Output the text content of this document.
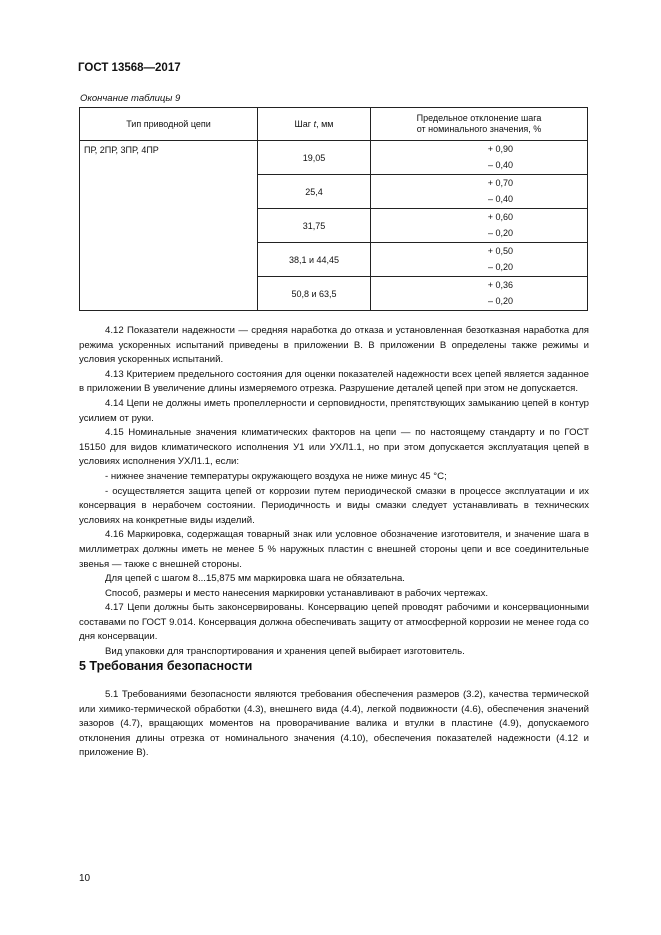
ГОСТ 13568—2017
Окончание таблицы 9
Тип приводной цепи	Шаг t, мм	Предельное отклонение шага
от номинального значения, %
ПР, 2ПР, 3ПР, 4ПР	19,05	+ 0,90
– 0,40
	25,4	+ 0,70
– 0,40
	31,75	+ 0,60
– 0,20
	38,1 и 44,45	+ 0,50
– 0,20
	50,8 и 63,5	+ 0,36
– 0,20

4.12 Показатели надежности — средняя наработка до отказа и установленная безотказная наработка для режима ускоренных испытаний приведены в приложении В. В приложении В определены также режимы и условия ускоренных испытаний.

4.13 Критерием предельного состояния для оценки показателей надежности всех цепей является заданное в приложении В увеличение длины измеряемого отрезка. Разрушение деталей цепей при этом не допускается.

4.14 Цепи не должны иметь пропеллерности и серповидности, препятствующих замыканию цепей в контур усилием от руки.

4.15 Номинальные значения климатических факторов на цепи — по настоящему стандарту и по ГОСТ 15150 для видов климатического исполнения У1 или УХЛ1.1, но при этом допускается эксплуатация цепей в условиях исполнения УХЛ1.1, если:

- нижнее значение температуры окружающего воздуха не ниже минус 45 °С;

- осуществляется защита цепей от коррозии путем периодической смазки в процессе эксплуатации и их консервация в нерабочем состоянии. Периодичность и виды смазки следует устанавливать в технических условиях на конкретные виды изделий.

4.16 Маркировка, содержащая товарный знак или условное обозначение изготовителя, и значение шага в миллиметрах должны иметь не менее 5 % наружных пластин с внешней стороны цепи и все соединительные звенья — также с внешней стороны.

Для цепей с шагом 8...15,875 мм маркировка шага не обязательна.

Способ, размеры и место нанесения маркировки устанавливают в рабочих чертежах.

4.17 Цепи должны быть законсервированы. Консервацию цепей проводят рабочими и консервационными составами по ГОСТ 9.014. Консервация должна обеспечивать защиту от атмосферной коррозии не менее года со дня консервации.

Вид упаковки для транспортирования и хранения цепей выбирает изготовитель.

5 Требования безопасности

5.1 Требованиями безопасности являются требования обеспечения размеров (3.2), качества термической или химико-термической обработки (4.3), внешнего вида (4.4), легкой подвижности (4.6), обеспечения значений зазоров (4.7), вращающих моментов на проворачивание валика и втулки в пластине (4.9), допускаемого отклонения длины отрезка от номинального значения (4.10), обеспечения показателей надежности (4.12 и приложение В).

10
